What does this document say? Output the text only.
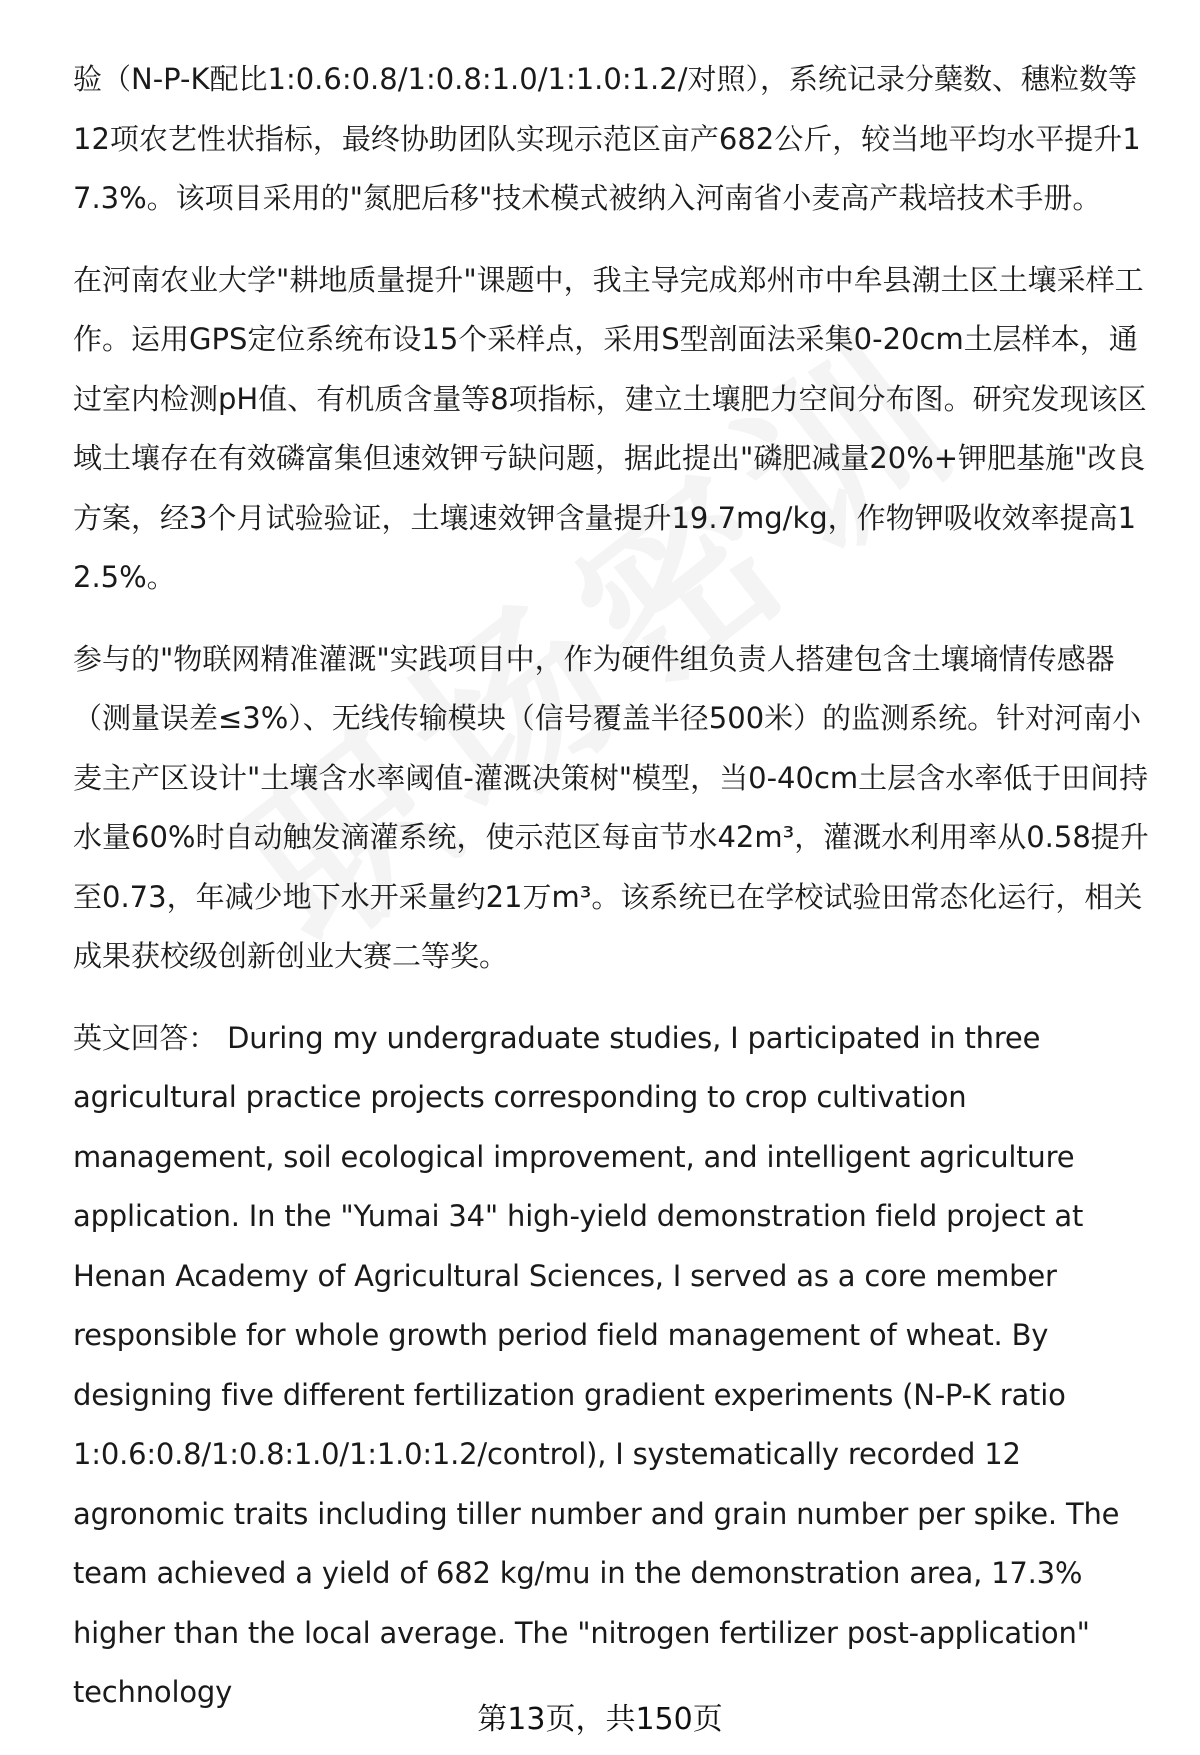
验（N-P-K配比1:0.6:0.8/1:0.8:1.0/1:1.0:1.2/对照），系统记录分蘖数、穗粒数等12项农艺性状指标，最终协助团队实现示范区亩产682公斤，较当地平均水平提升17.3%。该项目采用的"氮肥后移"技术模式被纳入河南省小麦高产栽培技术手册。

在河南农业大学"耕地质量提升"课题中，我主导完成郑州市中牟县潮土区土壤采样工作。运用GPS定位系统布设15个采样点，采用S型剖面法采集0-20cm土层样本，通过室内检测pH值、有机质含量等8项指标，建立土壤肥力空间分布图。研究发现该区域土壤存在有效磷富集但速效钾亏缺问题，据此提出"磷肥减量20%+钾肥基施"改良方案，经3个月试验验证，土壤速效钾含量提升19.7mg/kg，作物钾吸收效率提高12.5%。

参与的"物联网精准灌溉"实践项目中，作为硬件组负责人搭建包含土壤墒情传感器（测量误差≤3%）、无线传输模块（信号覆盖半径500米）的监测系统。针对河南小麦主产区设计"土壤含水率阈值-灌溉决策树"模型，当0-40cm土层含水率低于田间持水量60%时自动触发滴灌系统，使示范区每亩节水42m³，灌溉水利用率从0.58提升至0.73，年减少地下水开采量约21万m³。该系统已在学校试验田常态化运行，相关成果获校级创新创业大赛二等奖。

英文回答： During my undergraduate studies, I participated in three agricultural practice projects corresponding to crop cultivation management, soil ecological improvement, and intelligent agriculture application. In the "Yumai 34" high-yield demonstration field project at Henan Academy of Agricultural Sciences, I served as a core member responsible for whole growth period field management of wheat. By designing five different fertilization gradient experiments (N-P-K ratio 1:0.6:0.8/1:0.8:1.0/1:1.0:1.2/control), I systematically recorded 12 agronomic traits including tiller number and grain number per spike. The team achieved a yield of 682 kg/mu in the demonstration area, 17.3% higher than the local average. The "nitrogen fertilizer post-application" technology

第13页，共150页
